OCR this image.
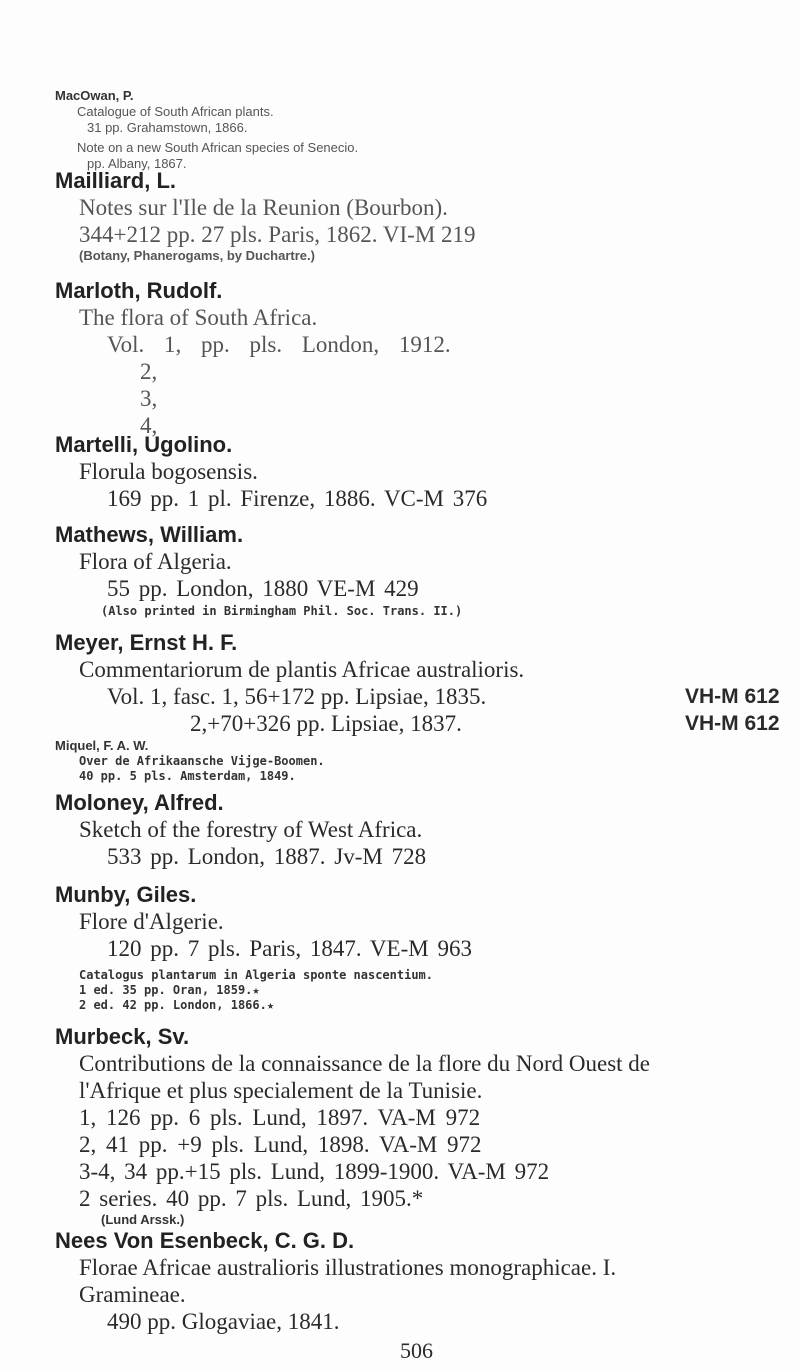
MacOwan, P.
Catalogue of South African plants.
31 pp. Grahamstown, 1866.
Note on a new South African species of Senecio.
pp. Albany, 1867.
Mailliard, L.
Notes sur l'Ile de la Reunion (Bourbon).
344+212 pp. 27 pls. Paris, 1862. VI-M 219
(Botany, Phanerogams, by Duchartre.)
Marloth, Rudolf.
The flora of South Africa.
Vol. 1, pp. pls. London, 1912.
2,
3,
4,
Martelli, Ugolino.
Florula bogosensis.
169 pp. 1 pl. Firenze, 1886. VC-M 376
Mathews, William.
Flora of Algeria.
55 pp. London, 1880 VE-M 429
(Also printed in Birmingham Phil. Soc. Trans. II.)
Meyer, Ernst H. F.
Commentariorum de plantis Africae australioris.
Vol. 1, fasc. 1, 56+172 pp. Lipsiae, 1835.	VH-M 612
2,+70+326 pp. Lipsiae, 1837.	VH-M 612
Miquel, F. A. W.
Over de Afrikaansche Vijge-Boomen.
40 pp. 5 pls. Amsterdam, 1849.
Moloney, Alfred.
Sketch of the forestry of West Africa.
533 pp. London, 1887. Jv-M 728
Munby, Giles.
Flore d'Algerie.
120 pp. 7 pls. Paris, 1847. VE-M 963
Catalogus plantarum in Algeria sponte nascentium.
1 ed. 35 pp. Oran, 1859.★
2 ed. 42 pp. London, 1866.★
Murbeck, Sv.
Contributions de la connaissance de la flore du Nord Ouest de
l'Afrique et plus specialement de la Tunisie.
1, 126 pp. 6 pls. Lund, 1897. VA-M 972
2, 41 pp. +9 pls. Lund, 1898. VA-M 972
3-4, 34 pp.+15 pls. Lund, 1899-1900. VA-M 972
2 series. 40 pp. 7 pls. Lund, 1905.*
(Lund Arssk.)
Nees Von Esenbeck, C. G. D.
Florae Africae australioris illustrationes monographicae. I.
Gramineae.
490 pp. Glogaviae, 1841.
506
